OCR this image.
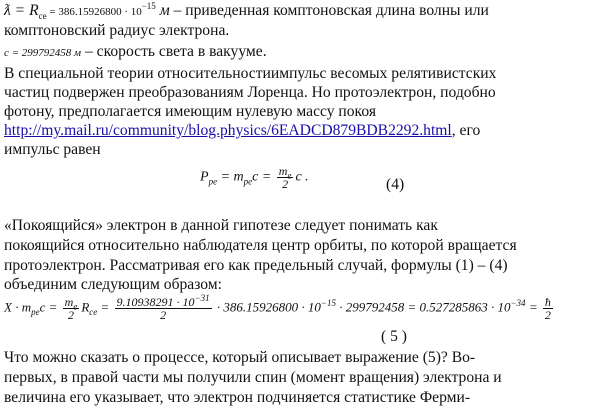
ƛ = $R_{ce} = 386.15926800 \cdot 10^{-15}$ м – приведенная комптоновская длина волны или
комптоновский радиус электрона.
c = 299792458 м – скорость света в вакууме.
В специальной теории относительностиимпульс весомых релятивистских
частиц подвержен преобразованиям Лоренца. Но протоэлектрон, подобно
фотону, предполагается имеющим нулевую массу покоя
http://my.mail.ru/community/blog.physics/6EADCD879BDB2292.html, его
импульс равен
$P_{pe} = m_{pe}c = \frac{m_e}{2}$ c .	(4)
«Покоящийся» электрон в данной гипотезе следует понимать как
покоящийся относительно наблюдателя центр орбиты, по которой вращается
протоэлектрон. Рассматривая его как предельный случай, формулы (1) – (4)
объединим следующим образом:
$X \cdot m_{pe}c = \frac{m_e}{2} R_{ce} = \frac{9.10938291 \cdot 10^{-31}}{2} \cdot 386.15926800 \cdot 10^{-15} \cdot 299792458 = 0.527285863 \cdot 10^{-34} = \frac{ħ}{2}$
( 5 )
Что можно сказать о процессе, который описывает выражение (5)? Во-
первых, в правой части мы получили спин (момент вращения) электрона и
величина его указывает, что электрон подчиняется статистике Ферми-
